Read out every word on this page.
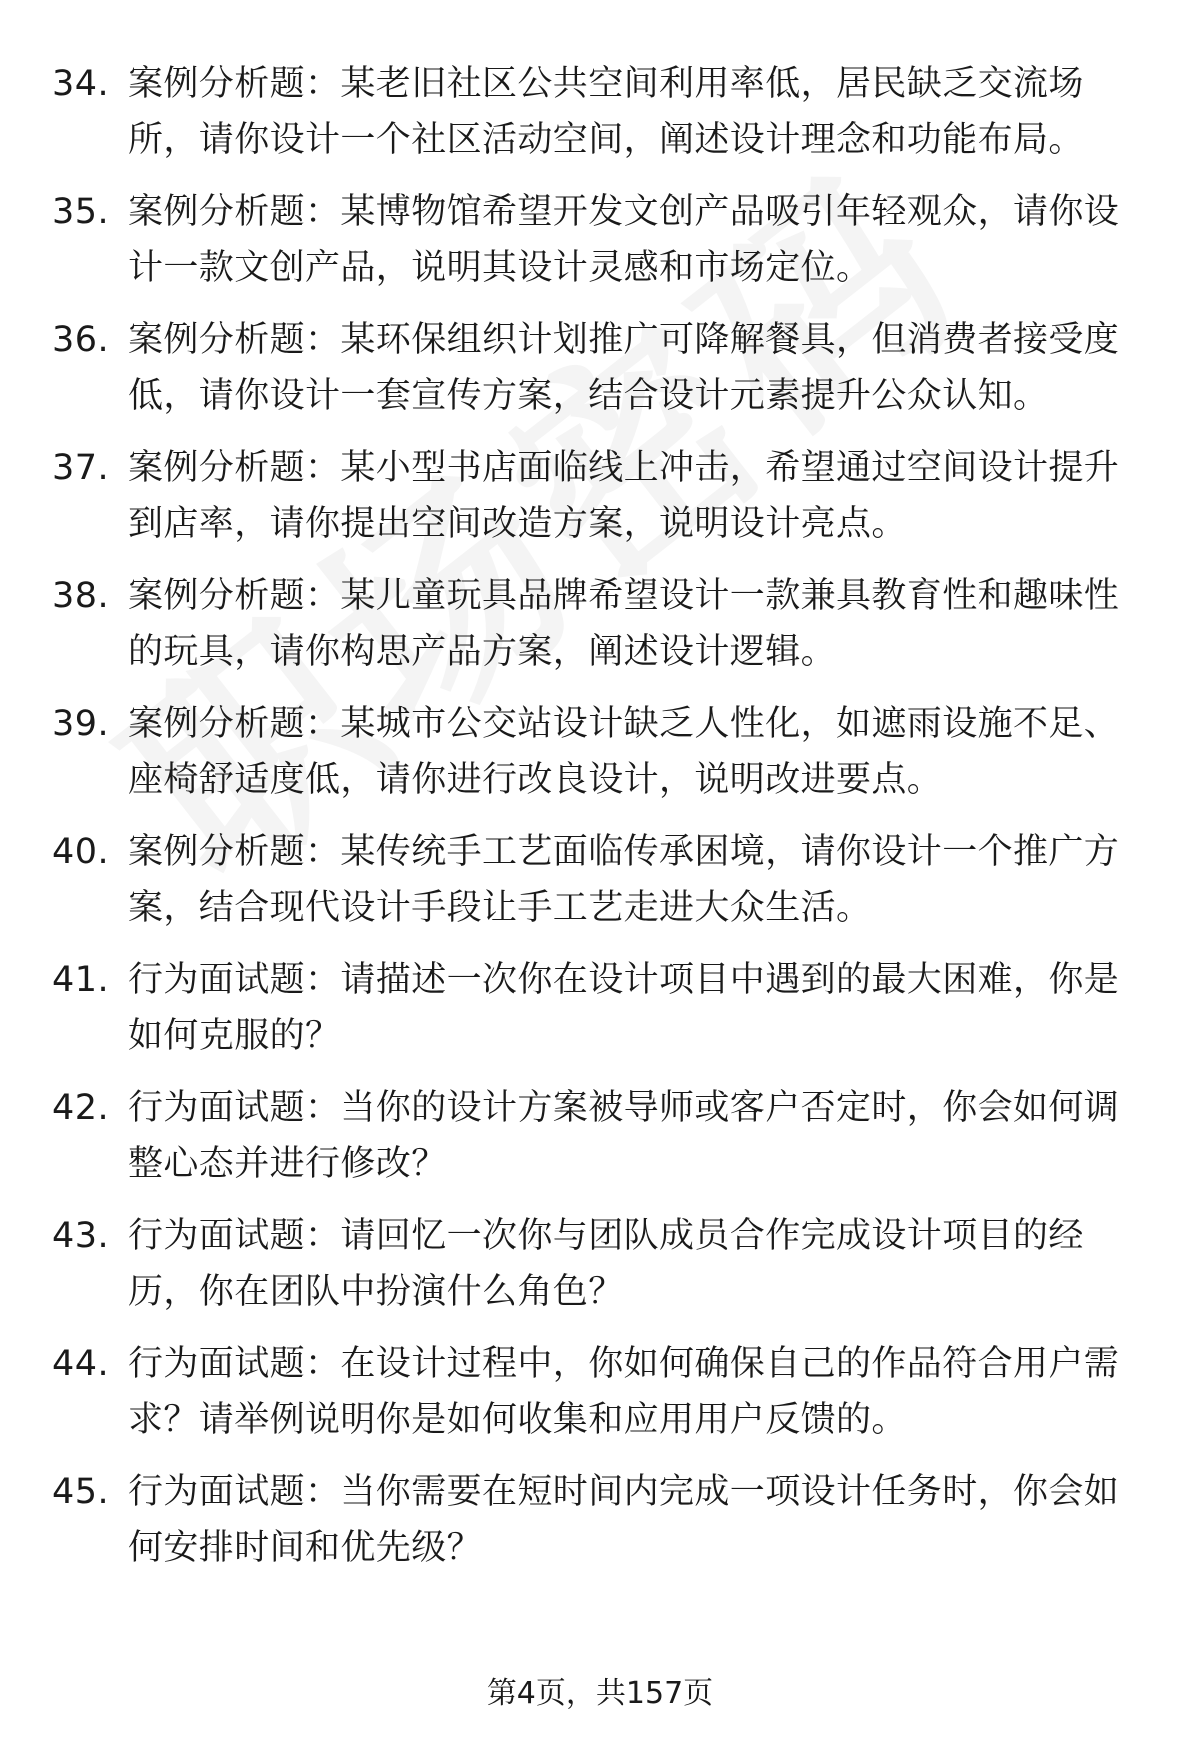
34. 案例分析题：某老旧社区公共空间利用率低，居民缺乏交流场所，请你设计一个社区活动空间，阐述设计理念和功能布局。
35. 案例分析题：某博物馆希望开发文创产品吸引年轻观众，请你设计一款文创产品，说明其设计灵感和市场定位。
36. 案例分析题：某环保组织计划推广可降解餐具，但消费者接受度低，请你设计一套宣传方案，结合设计元素提升公众认知。
37. 案例分析题：某小型书店面临线上冲击，希望通过空间设计提升到店率，请你提出空间改造方案，说明设计亮点。
38. 案例分析题：某儿童玩具品牌希望设计一款兼具教育性和趣味性的玩具，请你构思产品方案，阐述设计逻辑。
39. 案例分析题：某城市公交站设计缺乏人性化，如遮雨设施不足、座椅舒适度低，请你进行改良设计，说明改进要点。
40. 案例分析题：某传统手工艺面临传承困境，请你设计一个推广方案，结合现代设计手段让手工艺走进大众生活。
41. 行为面试题：请描述一次你在设计项目中遇到的最大困难，你是如何克服的？
42. 行为面试题：当你的设计方案被导师或客户否定时，你会如何调整心态并进行修改？
43. 行为面试题：请回忆一次你与团队成员合作完成设计项目的经历，你在团队中扮演什么角色？
44. 行为面试题：在设计过程中，你如何确保自己的作品符合用户需求？请举例说明你是如何收集和应用用户反馈的。
45. 行为面试题：当你需要在短时间内完成一项设计任务时，你会如何安排时间和优先级？
第4页，共157页
